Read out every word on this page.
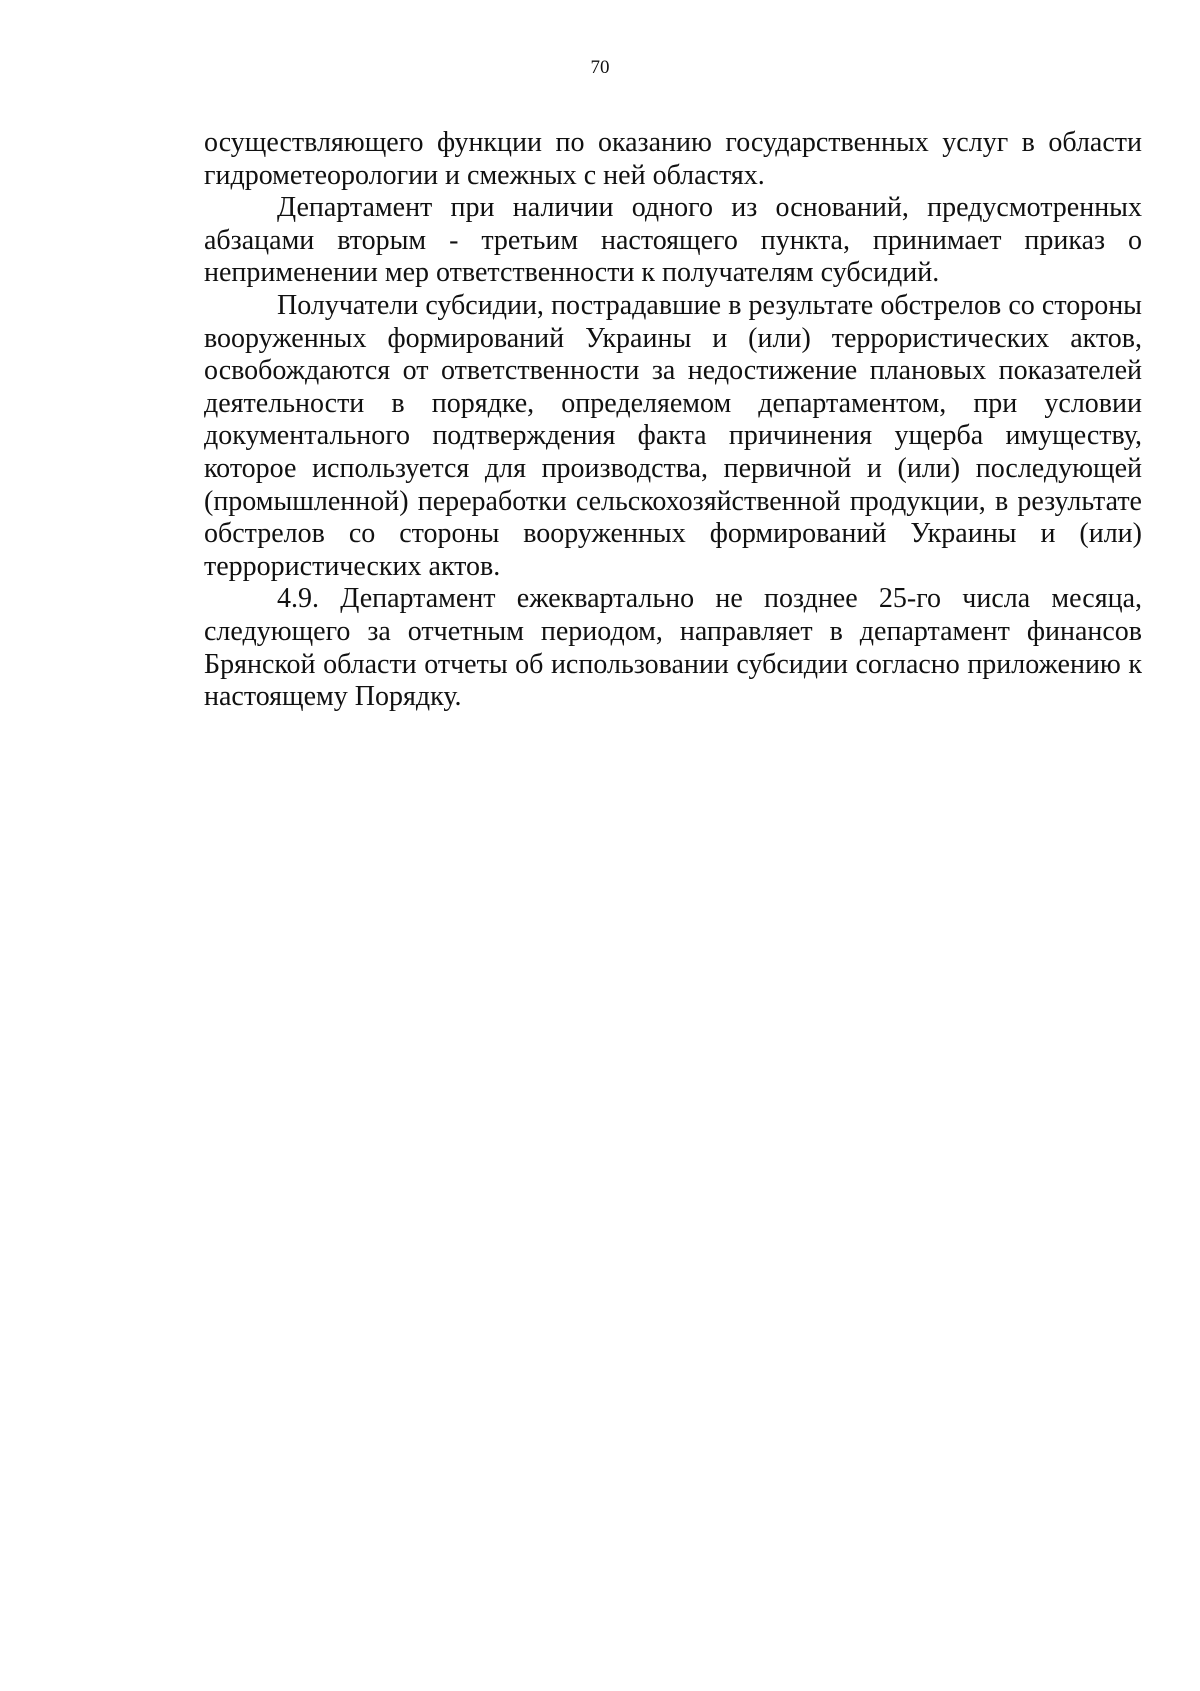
70

осуществляющего функции по оказанию государственных услуг в области гидрометеорологии и смежных с ней областях.

Департамент при наличии одного из оснований, предусмотренных абзацами вторым - третьим настоящего пункта, принимает приказ о неприменении мер ответственности к получателям субсидий.

Получатели субсидии, пострадавшие в результате обстрелов со стороны вооруженных формирований Украины и (или) террористических актов, освобождаются от ответственности за недостижение плановых показателей деятельности в порядке, определяемом департаментом, при условии документального подтверждения факта причинения ущерба имуществу, которое используется для производства, первичной и (или) последующей (промышленной) переработки сельскохозяйственной продукции, в результате обстрелов со стороны вооруженных формирований Украины и (или) террористических актов.

4.9. Департамент ежеквартально не позднее 25-го числа месяца, следующего за отчетным периодом, направляет в департамент финансов Брянской области отчеты об использовании субсидии согласно приложению к настоящему Порядку.
